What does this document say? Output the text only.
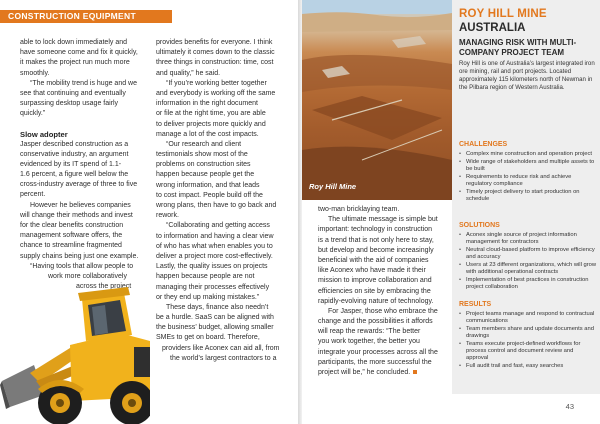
CONSTRUCTION EQUIPMENT
able to lock down immediately and
have someone come and fix it quickly,
it makes the project run much more
smoothly.
“The mobility trend is huge and we
see that continuing and eventually
surpassing desktop usage fairly
quickly.”
Slow adopter
Jasper described construction as a
conservative industry, an argument
evidenced by its IT spend of 1.1-
1.6 percent, a figure well below the
cross-industry average of three to five
percent.
However he believes companies
will change their methods and invest
for the clear benefits construction
management software offers, the
chance to streamline fragmented
supply chains being just one example.
“Having tools that allow people to
work more collaboratively
across the project
provides benefits for everyone. I think
ultimately it comes down to the classic
three things in construction: time, cost
and quality,” he said.
“If you’re working better together
and everybody is working off the same
information in the right document
or file at the right time, you are able
to deliver projects more quickly and
manage a lot of the cost impacts.
“Our research and client
testimonials show most of the
problems on construction sites
happen because people get the
wrong information, and that leads
to cost impact. People build off the
wrong plans, then have to go back and
rework.
“Collaborating and getting access
to information and having a clear view
of who has what when enables you to
deliver a project more cost-effectively.
Lastly, the quality issues on projects
happen because people are not
managing their processes effectively
or they end up making mistakes.”
These days, finance also needn’t
be a hurdle. SaaS can be aligned with
the business’ budget, allowing smaller
SMEs to get on board. Therefore,
providers like Aconex can aid all, from
the world’s largest contractors to a
Roy Hill Mine
two-man bricklaying team.
The ultimate message is simple but
important: technology in construction
is a trend that is not only here to stay,
but develop and become increasingly
beneficial with the aid of companies
like Aconex who have made it their
mission to improve collaboration and
efficiencies on site by embracing the
rapidly-evolving nature of technology.
For Jasper, those who embrace the
change and the possibilities it affords
will reap the rewards: “The better
you work together, the better you
integrate your processes across all the
participants, the more successful the
project will be,” he concluded.
ROY HILL MINE
AUSTRALIA
MANAGING RISK WITH MULTI-COMPANY PROJECT TEAM
Roy Hill is one of Australia’s largest integrated iron ore mining, rail and port projects. Located approximately 115 kilometers north of Newman in the Pilbara region of Western Australia.
CHALLENGES
• Complex mine construction and operation project
• Wide range of stakeholders and multiple assets to be built
• Requirements to reduce risk and achieve regulatory compliance
• Timely project delivery to start production on schedule
SOLUTIONS
• Aconex single source of project information management for contractors
• Neutral cloud-based platform to improve efficiency and accuracy
• Users at 23 different organizations, which will grow with additional operational contracts
• Implementation of best practices in construction project collaboration
RESULTS
• Project teams manage and respond to contractual communications
• Team members share and update documents and drawings
• Teams execute project-defined workflows for process control and document review and approval
• Full audit trail and fast, easy searches
43
